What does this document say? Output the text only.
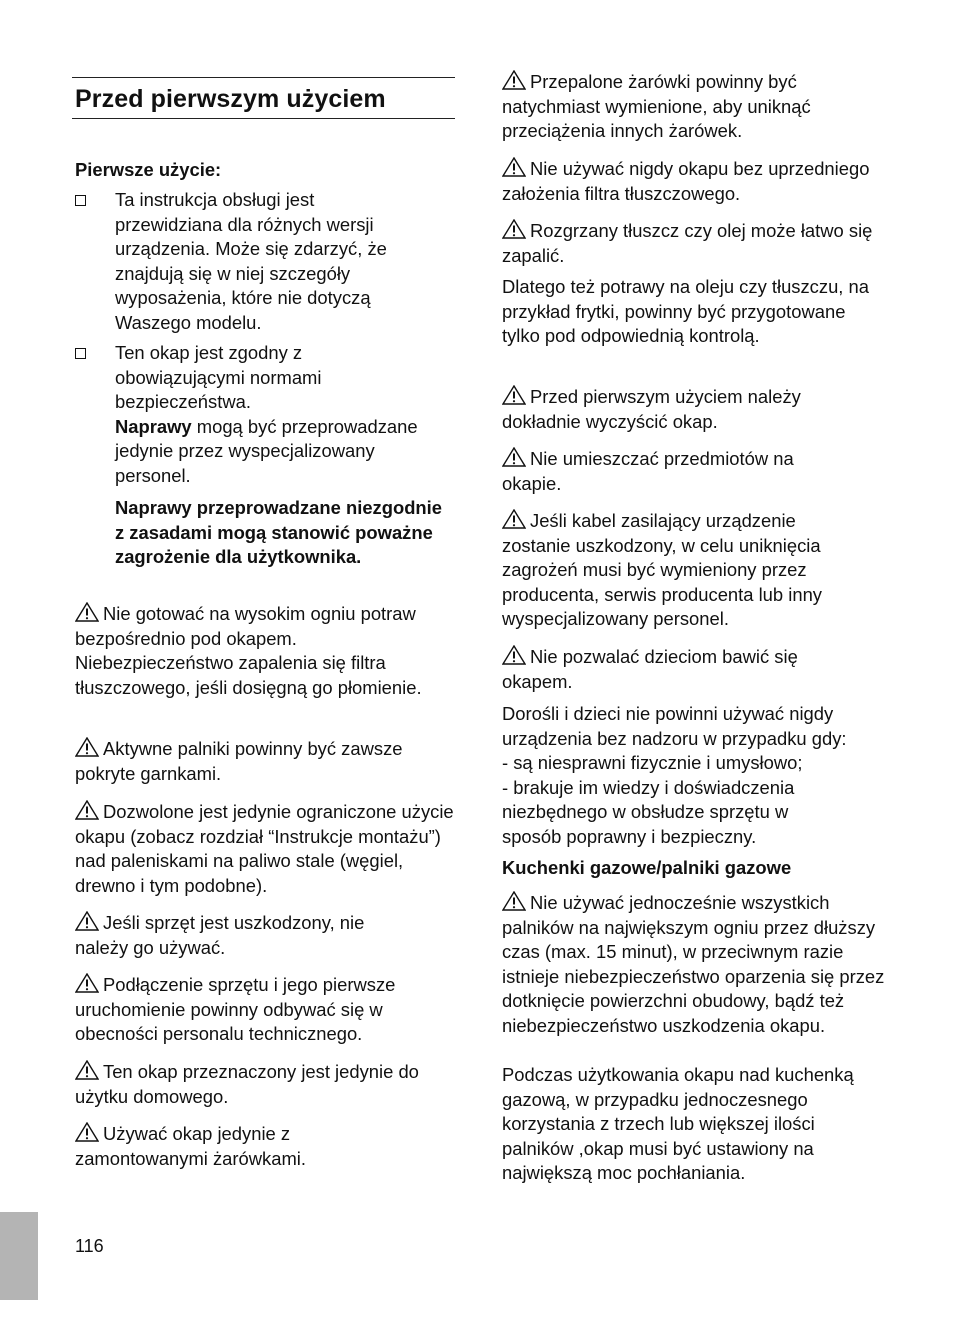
Przed pierwszym użyciem

Pierwsze użycie:

Ta instrukcja obsługi jest przewidziana dla różnych wersji urządzenia. Może się zdarzyć, że znajdują się w niej szczegóły wyposażenia, które nie dotyczą Waszego modelu.

Ten okap jest zgodny z obowiązującymi normami bezpieczeństwa.

Naprawy mogą być przeprowadzane jedynie przez wyspecjalizowany personel.

Naprawy przeprowadzane niezgodnie z zasadami mogą stanowić poważne zagrożenie dla użytkownika.

Nie gotować na wysokim ogniu potraw bezpośrednio pod okapem. Niebezpieczeństwo zapalenia się filtra tłuszczowego, jeśli dosięgną go płomienie.

Aktywne palniki powinny być zawsze pokryte garnkami.

Dozwolone jest jedynie ograniczone użycie okapu (zobacz rozdział “Instrukcje montażu”) nad paleniskami na paliwo stale (węgiel, drewno i tym podobne).

Jeśli sprzęt jest uszkodzony, nie należy go używać.

Podłączenie sprzętu i jego pierwsze uruchomienie powinny odbywać się w obecności personalu technicznego.

Ten okap przeznaczony jest jedynie do użytku domowego.

Używać okap jedynie z zamontowanymi żarówkami.

Przepalone żarówki powinny być natychmiast wymienione, aby uniknąć przeciążenia innych żarówek.

Nie używać nigdy okapu bez uprzedniego założenia filtra tłuszczowego.

Rozgrzany tłuszcz czy olej może łatwo się zapalić.

Dlatego też potrawy na oleju czy tłuszczu, na przykład frytki, powinny być przygotowane tylko pod odpowiednią kontrolą.

Przed pierwszym użyciem należy dokładnie wyczyścić okap.

Nie umieszczać przedmiotów na okapie.

Jeśli kabel zasilający urządzenie zostanie uszkodzony, w celu uniknięcia zagrożeń musi być wymieniony przez producenta, serwis producenta lub inny wyspecjalizowany personel.

Nie pozwalać dzieciom bawić się okapem.

Dorośli i dzieci nie powinni używać nigdy urządzenia bez nadzoru w przypadku gdy:

- są niesprawni fizycznie i umysłowo;

- brakuje im wiedzy i doświadczenia niezbędnego w obsłudze sprzętu w sposób poprawny i bezpieczny.

Kuchenki gazowe/palniki gazowe

Nie używać jednocześnie wszystkich palników na największym ogniu przez dłuższy czas (max. 15 minut), w przeciwnym razie istnieje niebezpieczeństwo oparzenia się przez dotknięcie powierzchni obudowy, bądź też niebezpieczeństwo uszkodzenia okapu.

Podczas użytkowania okapu nad kuchenką gazową, w przypadku jednoczesnego korzystania z trzech lub większej ilości palników ,okap musi być ustawiony na największą moc pochłaniania.

116
